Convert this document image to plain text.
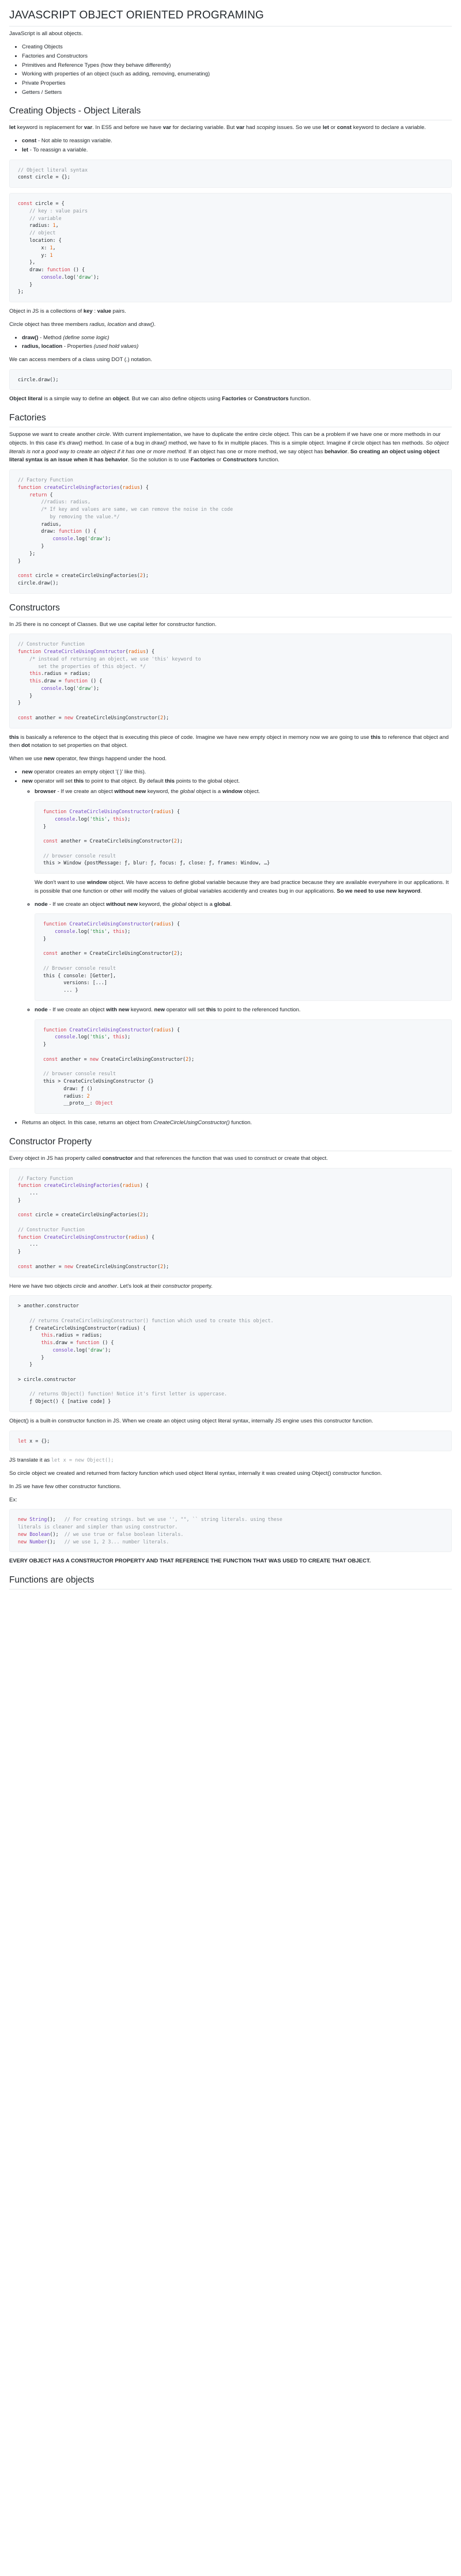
JAVASCRIPT OBJECT ORIENTED PROGRAMING

JavaScript is all about objects.

• Creating Objects
• Factories and Constructors
• Primitives and Reference Types (how they behave differently)
• Working with properties of an object (such as adding, removing, enumerating)
• Private Properties
• Getters / Setters
Creating Objects - Object Literals

let keyword is replacement for var. In ES5 and before we have var for declaring variable. But var had scoping issues. So we use let or const keyword to declare a variable.

• const - Not able to reassign variable.
• let - To reassign a variable.
// Object literal syntax
const circle = {};
const circle = {
// key : value pairs
// variable
radius: 1,
// object
location: {
x: 1,
y: 1
},
draw: function () {
console.log('draw');
}
};

Object in JS is a collections of key : value pairs.

Circle object has three members radius, location and draw().

• draw() - Method (define some logic)
• radius, location - Properties (used hold values)

We can access members of a class using DOT (.) notation.

circle.draw();

Object literal is a simple way to define an object. But we can also define objects using Factories or Constructors function.

Factories

Suppose we want to create another circle. With current implementation, we have to duplicate the entire circle object. This can be a problem if we have one or more methods in our objects. In this case it's draw() method. In case of a bug in draw() method, we have to fix in multiple places. This is a simple object. Imagine if circle object has ten methods. So object literals is not a good way to create an object if it has one or more method. If an object has one or more method, we say object has behavior. So creating an object using object literal syntax is an issue when it has behavior. So the solution is to use Factories or Constructors function.

// Factory Function
function createCircleUsingFactories(radius) {
return {
//radius: radius,
/* If key and values are same, we can remove the noise in the code
by removing the value.*/
radius,
draw: function () {
console.log('draw');
}
};
}

const circle = createCircleUsingFactories(2);
circle.draw();
Constructors

In JS there is no concept of Classes. But we use capital letter for constructor function.

// Constructor Function
function CreateCircleUsingConstructor(radius) {
/* instead of returning an object, we use 'this' keyword to
set the properties of this object. */
this.radius = radius;
this.draw = function () {
console.log('draw');
}
}

const another = new CreateCircleUsingConstructor(2);

this is basically a reference to the object that is executing this piece of code. Imagine we have new empty object in memory now we are going to use this to reference that object and then dot notation to set properties on that object.

When we use new operator, few things happend under the hood.

• new operator creates an empty object '{ }' like this).
• new operator will set this to point to that object. By default this points to the global object.

◦ browser - If we create an object without new keyword, the global object is a window object.

function CreateCircleUsingConstructor(radius) {
console.log('this', this);
}

const another = CreateCircleUsingConstructor(2);

// browser console result
this > Window {postMessage: ƒ, blur: ƒ, focus: ƒ, close: ƒ, frames: Window, …}

We don't want to use window object. We have access to define global variable because they are bad practice because they are available everywhere in our applications. It is possible that one function or other will modify the values of global variables accidently and creates bug in our applications. So we need to use new keyword.

◦ node - If we create an object without new keyword, the global object is a global.

function CreateCircleUsingConstructor(radius) {
console.log('this', this);
}

const another = CreateCircleUsingConstructor(2);

// Browser console result
this { console: [Getter],
versions: [...]
... }

◦ node - If we create an object with new keyword. new operator will set this to point to the referenced function.

function CreateCircleUsingConstructor(radius) {
console.log('this', this);
}

const another = new CreateCircleUsingConstructor(2);

// browser console result
this > CreateCircleUsingConstructor {}
draw: ƒ ()
radius: 2
__proto__: Object
• Returns an object. In this case, returns an object from CreateCircleUsingConstructor() function.
Constructor Property

Every object in JS has property called constructor and that references the function that was used to construct or create that object.

// Factory Function
function createCircleUsingFactories(radius) {
...
}

const circle = createCircleUsingFactories(2);

// Constructor Function
function CreateCircleUsingConstructor(radius) {
...
}

const another = new CreateCircleUsingConstructor(2);

Here we have two objects circle and another. Let's look at their constructor property.

> another.constructor

// returns CreateCircleUsingConstructor() function which used to create this object.
ƒ CreateCircleUsingConstructor(radius) {
this.radius = radius;
this.draw = function () {
console.log('draw');
}
}

> circle.constructor

// returns Object() function! Notice it's first letter is uppercase.
ƒ Object() { [native code] }

Object() is a built-in constructor function in JS. When we create an object using object literal syntax, internally JS engine uses this constructor function.

let x = {};

JS translate it as let x = new Object();

So circle object we created and returned from factory function which used object literal syntax, internally it was created using Object() constructor function.

In JS we have few other constructor functions.

Ex:

new String();   // For creating strings. but we use '', "", `` string literals. using these
literals is cleaner and simpler than using constructor.
new Boolean();  // we use true or false boolean literals.
new Number();   // we use 1, 2 3... number literals.

EVERY OBJECT HAS A CONSTRUCTOR PROPERTY AND THAT REFERENCE THE FUNCTION THAT WAS USED TO CREATE THAT OBJECT.

Functions are objects
